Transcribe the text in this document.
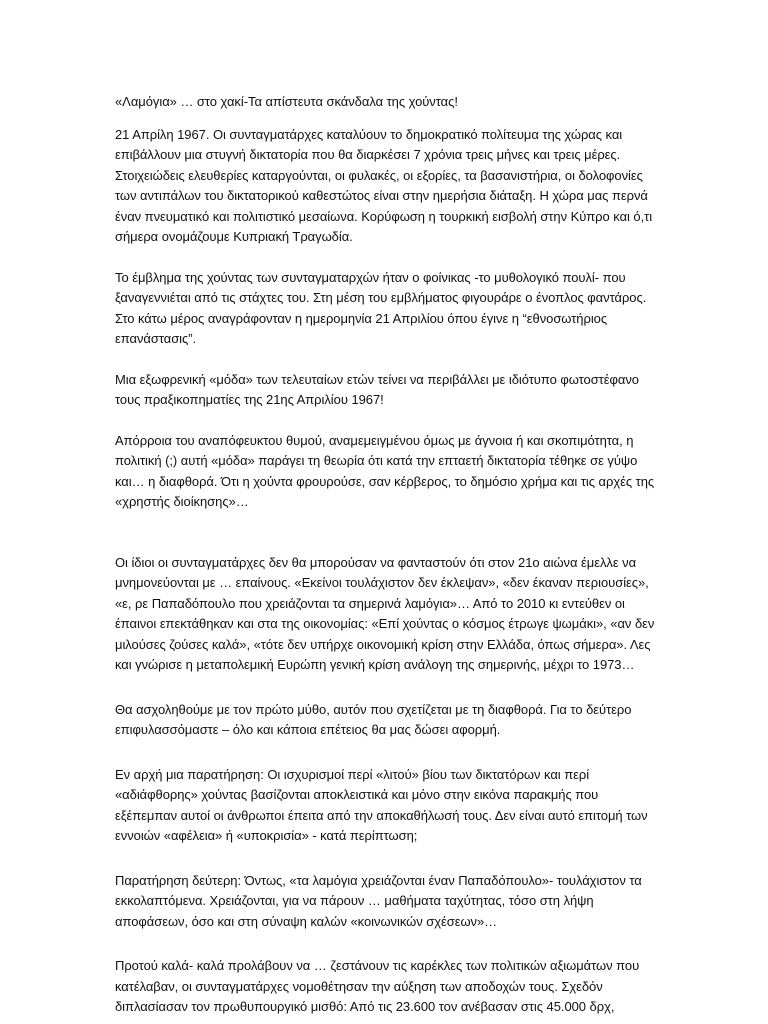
«Λαμόγια» … στο χακί-Τα απίστευτα σκάνδαλα της χούντας!

21 Απρίλη 1967. Οι συνταγματάρχες καταλύουν το δημοκρατικό πολίτευμα της χώρας και επιβάλλουν μια στυγνή δικτατορία που θα διαρκέσει 7 χρόνια τρεις μήνες και τρεις μέρες. Στοιχειώδεις ελευθερίες καταργούνται, οι φυλακές, οι εξορίες, τα βασανιστήρια, οι δολοφονίες των αντιπάλων του δικτατορικού καθεστώτος είναι στην ημερήσια διάταξη. Η χώρα μας περνά έναν πνευματικό και πολιτιστικό μεσαίωνα. Κορύφωση η τουρκική εισβολή στην Κύπρο και ό,τι σήμερα ονομάζουμε Κυπριακή Τραγωδία.

Το έμβλημα της χούντας των συνταγματαρχών ήταν ο φοίνικας -το μυθολογικό πουλί- που ξαναγεννιέται από τις στάχτες του. Στη μέση του εμβλήματος φιγουράρε ο ένοπλος φαντάρος. Στο κάτω μέρος αναγράφονταν η ημερομηνία 21 Απριλίου όπου έγινε η “εθνοσωτήριος επανάστασις”.

Μια εξωφρενική «μόδα» των τελευταίων ετών τείνει να περιβάλλει με ιδιότυπο φωτοστέφανο τους πραξικοπηματίες της 21ης Απριλίου 1967!

Απόρροια του αναπόφευκτου θυμού, αναμεμειγμένου όμως με άγνοια ή και σκοπιμότητα, η πολιτική (;) αυτή «μόδα» παράγει τη θεωρία ότι κατά την επταετή δικτατορία τέθηκε σε γύψο και… η διαφθορά. Ότι η χούντα φρουρούσε, σαν κέρβερος, το δημόσιο χρήμα και τις αρχές της «χρηστής διοίκησης»…

Οι ίδιοι οι συνταγματάρχες δεν θα μπορούσαν να φανταστούν ότι στον 21ο αιώνα έμελλε να μνημονεύονται με … επαίνους. «Εκείνοι τουλάχιστον δεν έκλεψαν», «δεν έκαναν περιουσίες», «ε, ρε Παπαδόπουλο που χρειάζονται τα σημερινά λαμόγια»… Από το 2010 κι εντεύθεν οι έπαινοι επεκτάθηκαν και στα της οικονομίας: «Επί χούντας ο κόσμος έτρωγε ψωμάκι», «αν δεν μιλούσες ζούσες καλά», «τότε δεν υπήρχε οικονομική κρίση στην Ελλάδα, όπως σήμερα». Λες και γνώρισε η μεταπολεμική Ευρώπη γενική κρίση ανάλογη της σημερινής, μέχρι το 1973…

Θα ασχοληθούμε με τον πρώτο μύθο, αυτόν που σχετίζεται με τη διαφθορά. Για το δεύτερο επιφυλασσόμαστε – όλο και κάποια επέτειος θα μας δώσει αφορμή.

Εν αρχή μια παρατήρηση: Οι ισχυρισμοί περί «λιτού» βίου των δικτατόρων και περί «αδιάφθορης» χούντας βασίζονται αποκλειστικά και μόνο στην εικόνα παρακμής που εξέπεμπαν αυτοί οι άνθρωποι έπειτα από την αποκαθήλωσή τους. Δεν είναι αυτό επιτομή των εννοιών «αφέλεια» ή «υποκρισία» - κατά περίπτωση;

Παρατήρηση δεύτερη: Όντως, «τα λαμόγια χρειάζονται έναν Παπαδόπουλο»- τουλάχιστον τα εκκολαπτόμενα. Χρειάζονται, για να πάρουν … μαθήματα ταχύτητας, τόσο στη λήψη αποφάσεων, όσο και στη σύναψη καλών «κοινωνικών σχέσεων»…

Προτού καλά- καλά προλάβουν να … ζεστάνουν τις καρέκλες των πολιτικών αξιωμάτων που κατέλαβαν, οι συνταγματάρχες νομοθέτησαν την αύξηση των αποδοχών τους. Σχεδόν διπλασίασαν τον πρωθυπουργικό μισθό: Από τις 23.600 τον ανέβασαν στις 45.000 δρχ,
